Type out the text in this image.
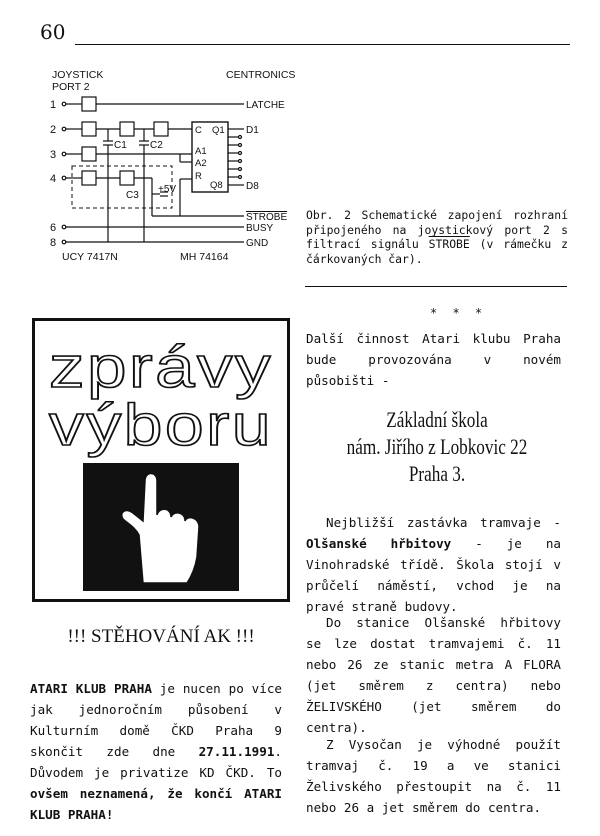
60
JOYSTICK
PORT 2
CENTRONICS
1
2
3
4
6
8
LATCHE
C1 C2
C Q1
A1
A2
R
Q8
D1
D8
C3
+5V
STROBE
BUSY
GND
UCY 7417N	MH 74164
Obr. 2 Schematické zapojení rozhraní připojeného na joystickový port 2 s filtrací signálu STROBE (v rámečku z čárkovaných čar).
zprávy
výboru
* * *
Další činnost Atari klubu Praha bude provozována v novém působišti -
Základní škola
nám. Jiřího z Lobkovic 22
Praha 3.
Nejbližší zastávka tramvaje - Olšanské hřbitovy - je na Vinohradské třídě. Škola stojí v průčelí náměstí, vchod je na pravé straně budovy.
Do stanice Olšanské hřbitovy se lze dostat tramvajemi č. 11 nebo 26 ze stanic metra A FLORA (jet směrem z centra) nebo ŽELIVSKÉHO (jet směrem do centra).
Z Vysočan je výhodné použít tramvaj č. 19 a ve stanici Želivského přestoupit na č. 11 nebo 26 a jet směrem do centra.
!!! STĚHOVÁNÍ AK !!!
ATARI KLUB PRAHA je nucen po více jak jednoročním působení v Kulturním domě ČKD Praha 9 skončit zde dne 27.11.1991. Důvodem je privatize KD ČKD. To ovšem neznamená, že končí ATARI KLUB PRAHA!
